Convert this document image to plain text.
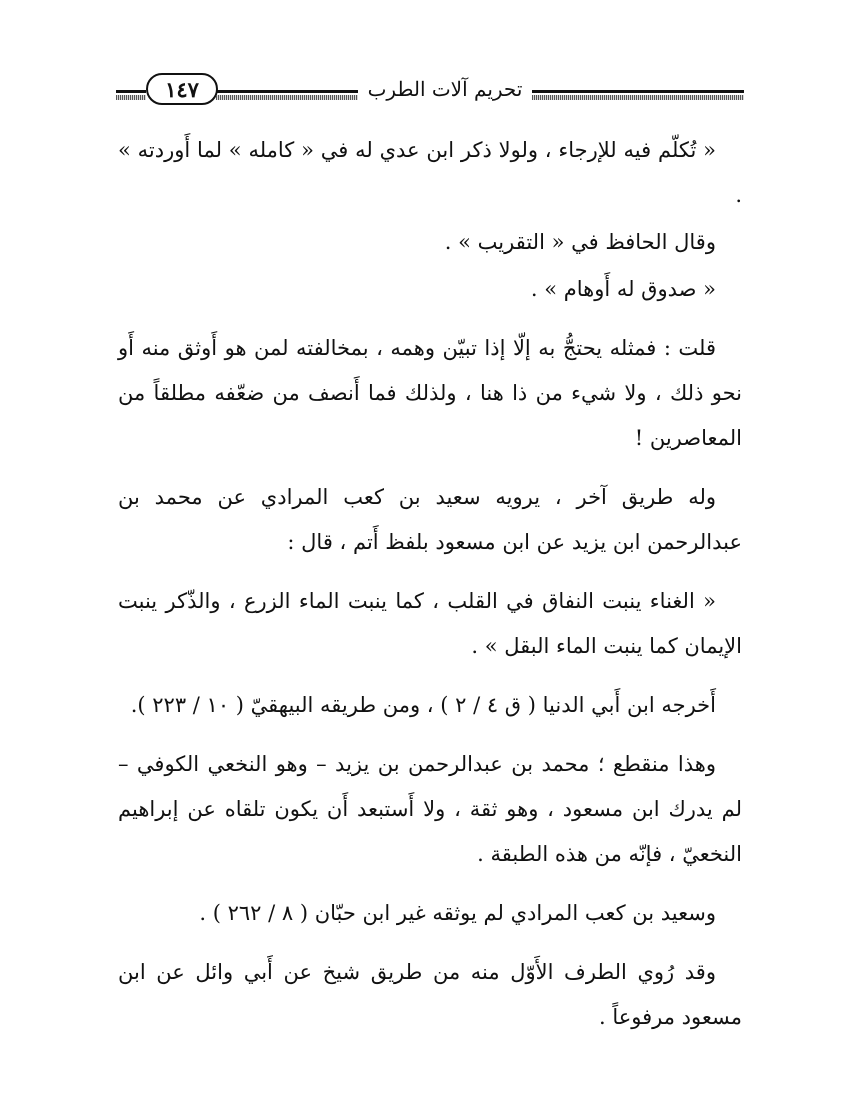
١٤٧	تحريم آلات الطرب

« تُكلّم فيه للإرجاء ، ولولا ذكر ابن عدي له في « كامله » لما أَوردته » .

وقال الحافظ في « التقريب » .

« صدوق له أَوهام » .

قلت : فمثله يحتجُّ به إلّا إذا تبيّن وهمه ، بمخالفته لمن هو أَوثق منه أَو نحو ذلك ، ولا شيء من ذا هنا ، ولذلك فما أَنصف من ضعّفه مطلقاً من المعاصرين !

وله طريق آخر ، يرويه سعيد بن كعب المرادي عن محمد بن عبدالرحمن ابن يزيد عن ابن مسعود بلفظ أَتم ، قال :

« الغناء ينبت النفاق في القلب ، كما ينبت الماء الزرع ، والذّكر ينبت الإيمان كما ينبت الماء البقل » .

أَخرجه ابن أَبي الدنيا ( ق ٤ / ٢ ) ، ومن طريقه البيهقيّ ( ١٠ / ٢٢٣ ).

وهذا منقطع ؛ محمد بن عبدالرحمن بن يزيد – وهو النخعي الكوفي – لم يدرك ابن مسعود ، وهو ثقة ، ولا أَستبعد أَن يكون تلقاه عن إبراهيم النخعيّ ، فإنّه من هذه الطبقة .

وسعيد بن كعب المرادي لم يوثقه غير ابن حبّان ( ٨ / ٢٦٢ ) .

وقد رُوي الطرف الأَوّل منه من طريق شيخ عن أَبي وائل عن ابن مسعود مرفوعاً .
